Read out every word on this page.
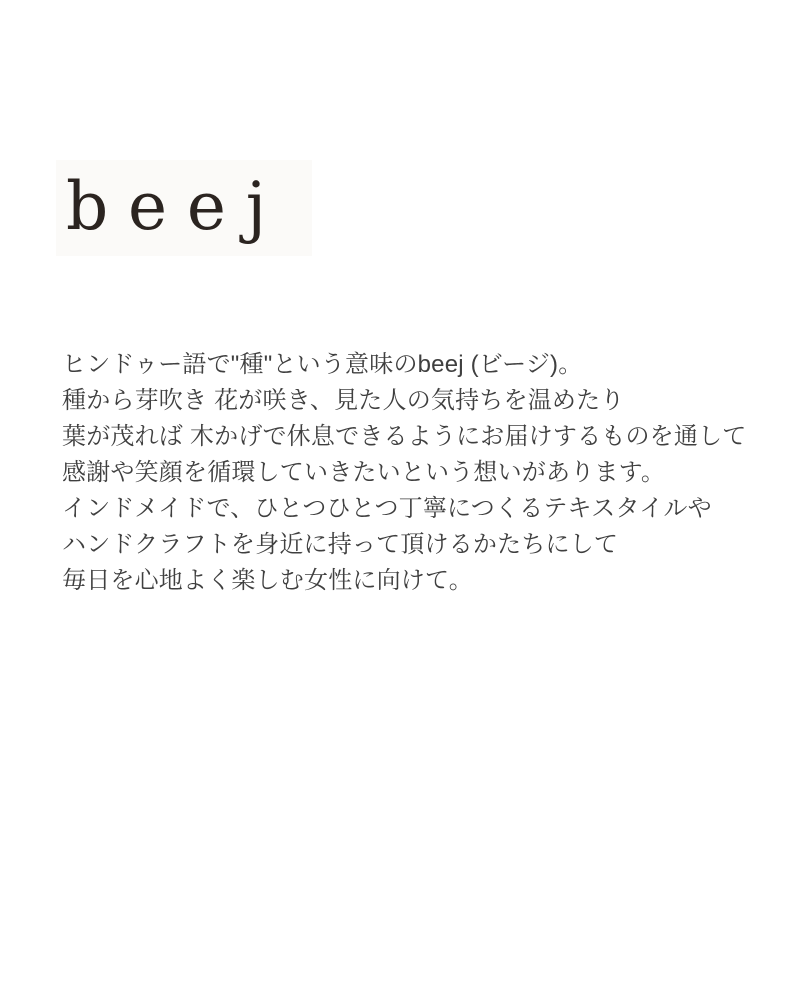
beej
ヒンドゥー語で"種"という意味のbeej (ビージ)。
種から芽吹き 花が咲き、見た人の気持ちを温めたり
葉が茂れば 木かげで休息できるようにお届けするものを通して
感謝や笑顔を循環していきたいという想いがあります。
インドメイドで、ひとつひとつ丁寧につくるテキスタイルや
ハンドクラフトを身近に持って頂けるかたちにして
毎日を心地よく楽しむ女性に向けて。
